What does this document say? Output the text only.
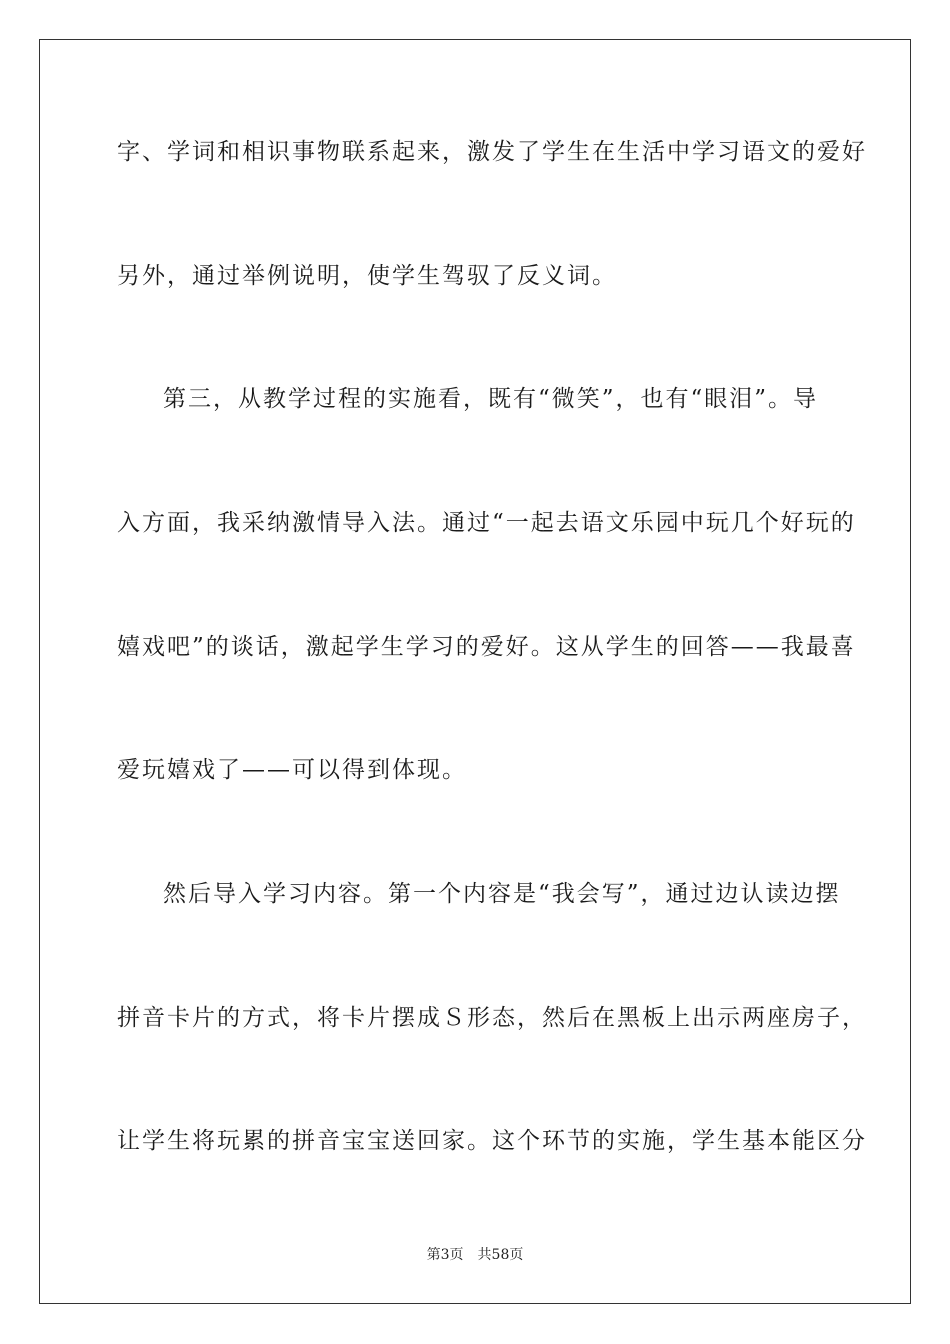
字、学词和相识事物联系起来，激发了学生在生活中学习语文的爱好
另外，通过举例说明，使学生驾驭了反义词。
第三，从教学过程的实施看，既有“微笑”，也有“眼泪”。导
入方面，我采纳激情导入法。通过“一起去语文乐园中玩几个好玩的
嬉戏吧”的谈话，激起学生学习的爱好。这从学生的回答——我最喜
爱玩嬉戏了——可以得到体现。
然后导入学习内容。第一个内容是“我会写”，通过边认读边摆
拼音卡片的方式，将卡片摆成Ｓ形态，然后在黑板上出示两座房子，
让学生将玩累的拼音宝宝送回家。这个环节的实施，学生基本能区分
第3页 共58页
